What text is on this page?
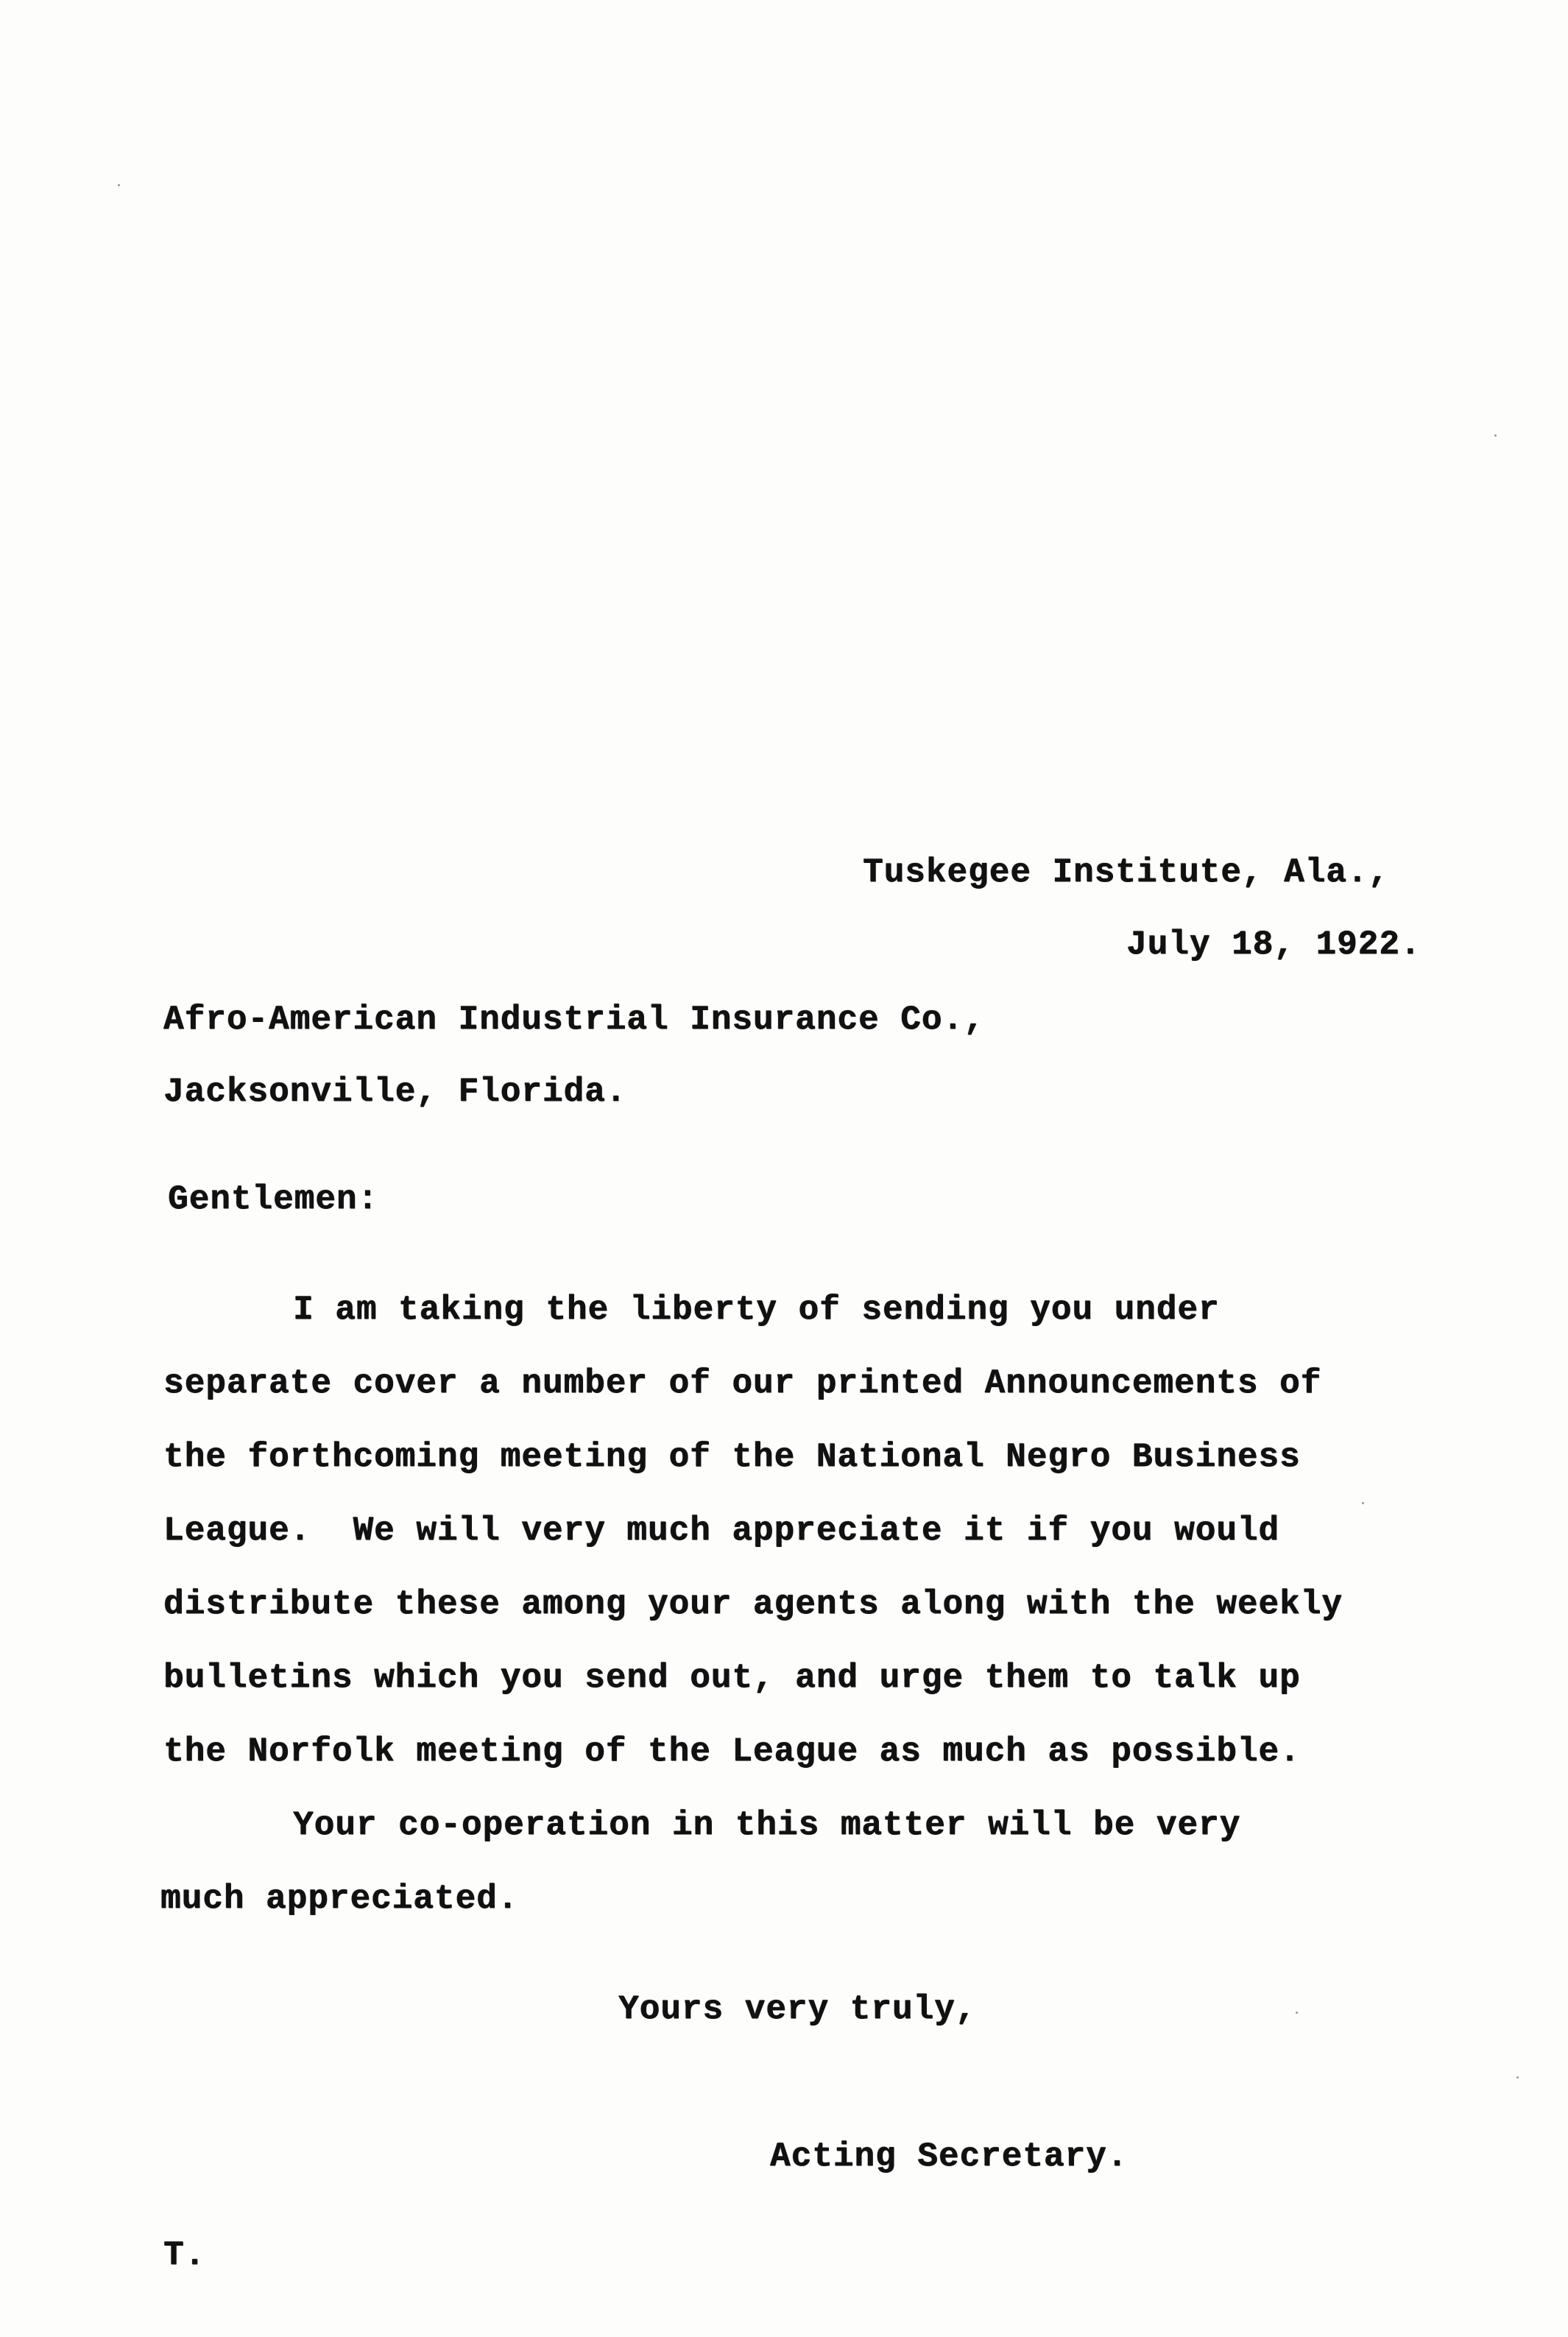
Tuskegee Institute, Ala.,
July 18, 1922.
Afro-American Industrial Insurance Co.,
Jacksonville, Florida.
Gentlemen:
I am taking the liberty of sending you under
separate cover a number of our printed Announcements of
the forthcoming meeting of the National Negro Business
League.  We will very much appreciate it if you would
distribute these among your agents along with the weekly
bulletins which you send out, and urge them to talk up
the Norfolk meeting of the League as much as possible.
Your co-operation in this matter will be very
much appreciated.
Yours very truly,
Acting Secretary.
T.
